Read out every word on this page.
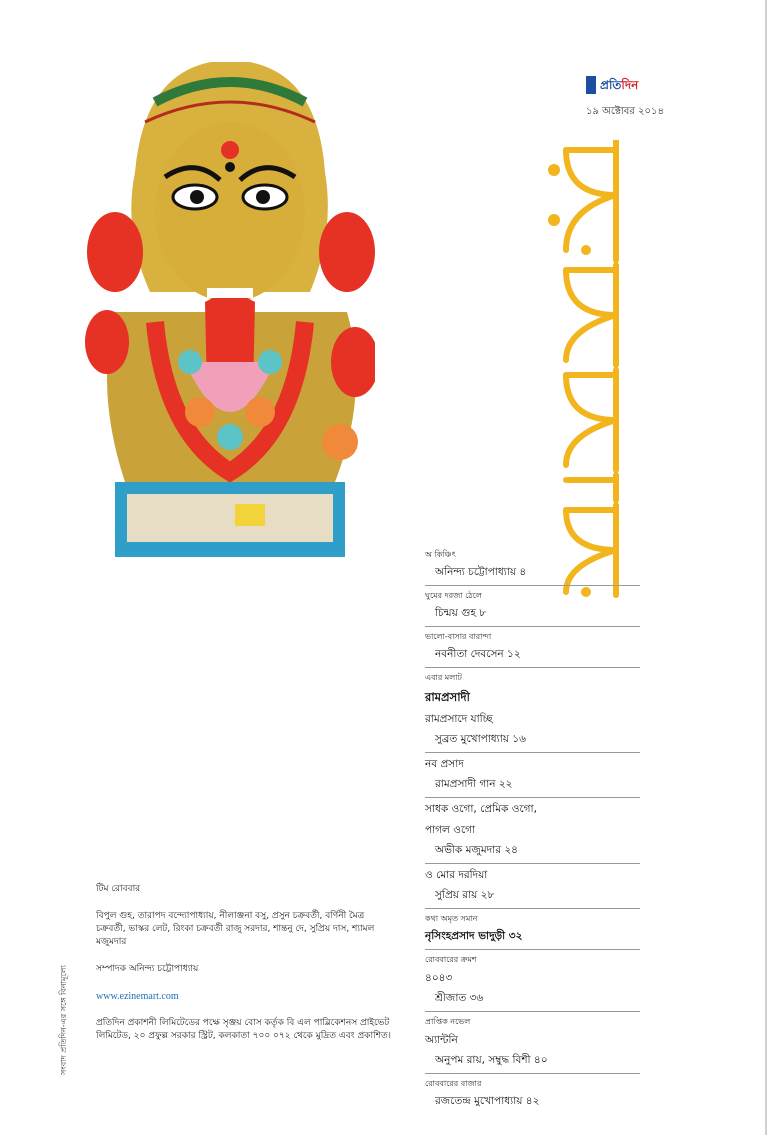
প্রতিদিন
১৯ অক্টোবর ২০১৪
অ কিঞ্চিৎ
অনিন্দ্য চট্টোপাধ্যায় ৪
ঘুমের দরজা ঠেলে
চিন্ময় গুহ ৮
ভালো-বাসার বারান্দা
নবনীতা দেবসেন ১২
এবার মলাট
রামপ্রসাদী
রামপ্রসাদে যাচ্ছি
সুব্রত মুখোপাধ্যায় ১৬
নব প্রসাদ
রামপ্রসাদী গান ২২
সাধক ওগো, প্রেমিক ওগো,
পাগল ওগো
অভীক মজুমদার ২৪
ও মোর দরদিয়া
সুপ্রিয় রায় ২৮
কথা অমৃত সমান
নৃসিংহপ্রসাদ ভাদুড়ী ৩২
রোববারের ক্রমশ
৪০৪৩
শ্রীজাত ৩৬
প্রাপ্তিক নভেল
অ্যান্টনি
অনুপম রায়, সম্বুদ্ধ বিশী ৪০
রোববারের বাজার
রজতেন্দ্র মুখোপাধ্যায় ৪২
টিম রোববার
বিপুল গুহ, তারাপদ বন্দ্যোপাধ্যায়, নীলাঞ্জনা বসু, প্রসুন চক্রবর্তী, বর্ণিনী মৈত্র চক্রবর্তী, ভাস্কর লেট, রিংকা চক্রবর্তী রাজু সরদার, শান্তনু দে, সুপ্রিয় দাস, শ্যামল মজুমদার
সম্পাদক অনিন্দ্য চট্টোপাধ্যায়
www.ezinemart.com
প্রতিদিন প্রকাশনী লিমিটেডের পক্ষে সৃঞ্জয় বোস কর্তৃক বি এল পাব্লিকেশনস প্রাইভেট লিমিটেড, ২০ প্রফুল্ল সরকার স্ট্রিট, কলকাতা ৭০০ ০৭২ থেকে মুদ্রিত এবং প্রকাশিত।
সংবাদ প্রতিদিন-এর সঙ্গে বিনামূল্যে
